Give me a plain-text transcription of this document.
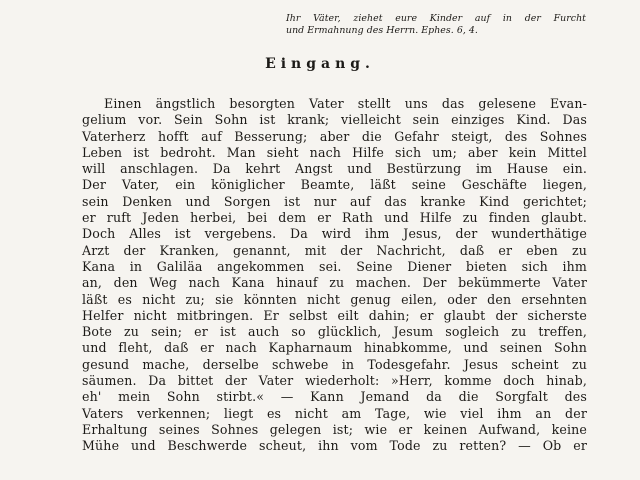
Ihr Väter, ziehet eure Kinder auf in der Furcht
und Ermahnung des Herrn. Ephes. 6, 4.
Eingang.
Einen ängstlich besorgten Vater stellt uns das gelesene Evan-
gelium vor. Sein Sohn ist krank; vielleicht sein einziges Kind. Das
Vaterherz hofft auf Besserung; aber die Gefahr steigt, des Sohnes
Leben ist bedroht. Man sieht nach Hilfe sich um; aber kein Mittel
will anschlagen. Da kehrt Angst und Bestürzung im Hause ein.
Der Vater, ein königlicher Beamte, läßt seine Geschäfte liegen,
sein Denken und Sorgen ist nur auf das kranke Kind gerichtet;
er ruft Jeden herbei, bei dem er Rath und Hilfe zu finden glaubt.
Doch Alles ist vergebens. Da wird ihm Jesus, der wunderthätige
Arzt der Kranken, genannt, mit der Nachricht, daß er eben zu
Kana in Galiläa angekommen sei. Seine Diener bieten sich ihm
an, den Weg nach Kana hinauf zu machen. Der bekümmerte Vater
läßt es nicht zu; sie könnten nicht genug eilen, oder den ersehnten
Helfer nicht mitbringen. Er selbst eilt dahin; er glaubt der sicherste
Bote zu sein; er ist auch so glücklich, Jesum sogleich zu treffen,
und fleht, daß er nach Kapharnaum hinabkomme, und seinen Sohn
gesund mache, derselbe schwebe in Todesgefahr. Jesus scheint zu
säumen. Da bittet der Vater wiederholt: »Herr, komme doch hinab,
eh' mein Sohn stirbt.« — Kann Jemand da die Sorgfalt des
Vaters verkennen; liegt es nicht am Tage, wie viel ihm an der
Erhaltung seines Sohnes gelegen ist; wie er keinen Aufwand, keine
Mühe und Beschwerde scheut, ihn vom Tode zu retten? — Ob er
